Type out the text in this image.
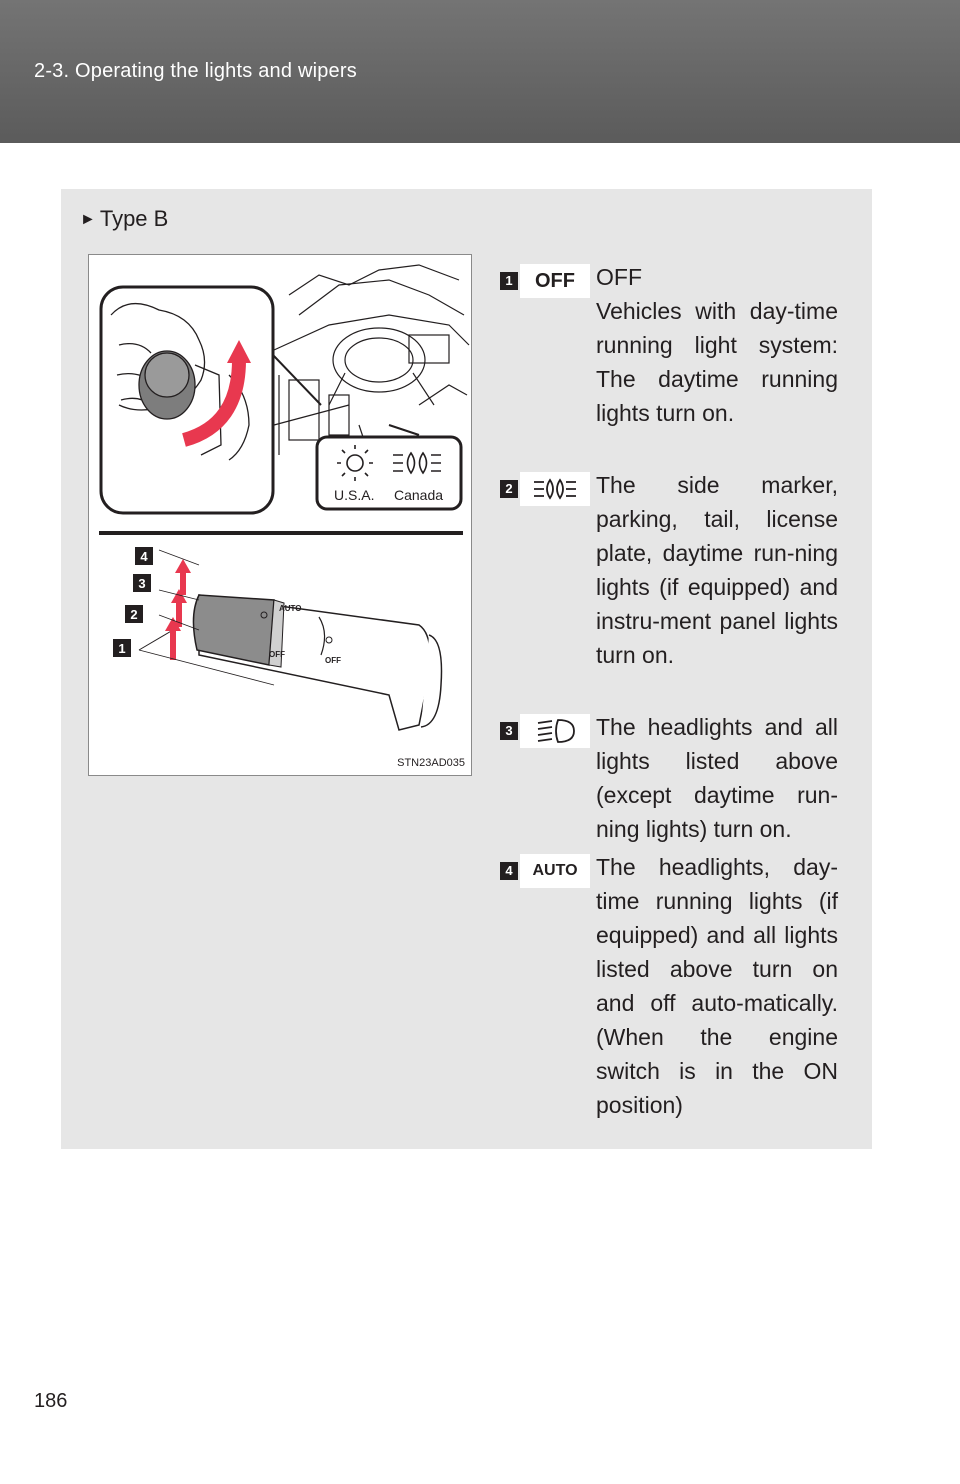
2-3. Operating the lights and wipers
► Type B
U.S.A. Canada
AUTO
OFF
OFF
4
3
2
1
STN23AD035
1	OFF OFF
Vehicles with day-time running light system: The daytime running lights turn on.
2	The side marker, parking, tail, license plate, daytime run-ning lights (if equipped) and instru-ment panel lights turn on.
3	The headlights and all lights listed above (except daytime run-ning lights) turn on.
4	AUTO The headlights, day-time running lights (if equipped) and all lights listed above turn on and off auto-matically. (When the engine switch is in the ON position)
186
